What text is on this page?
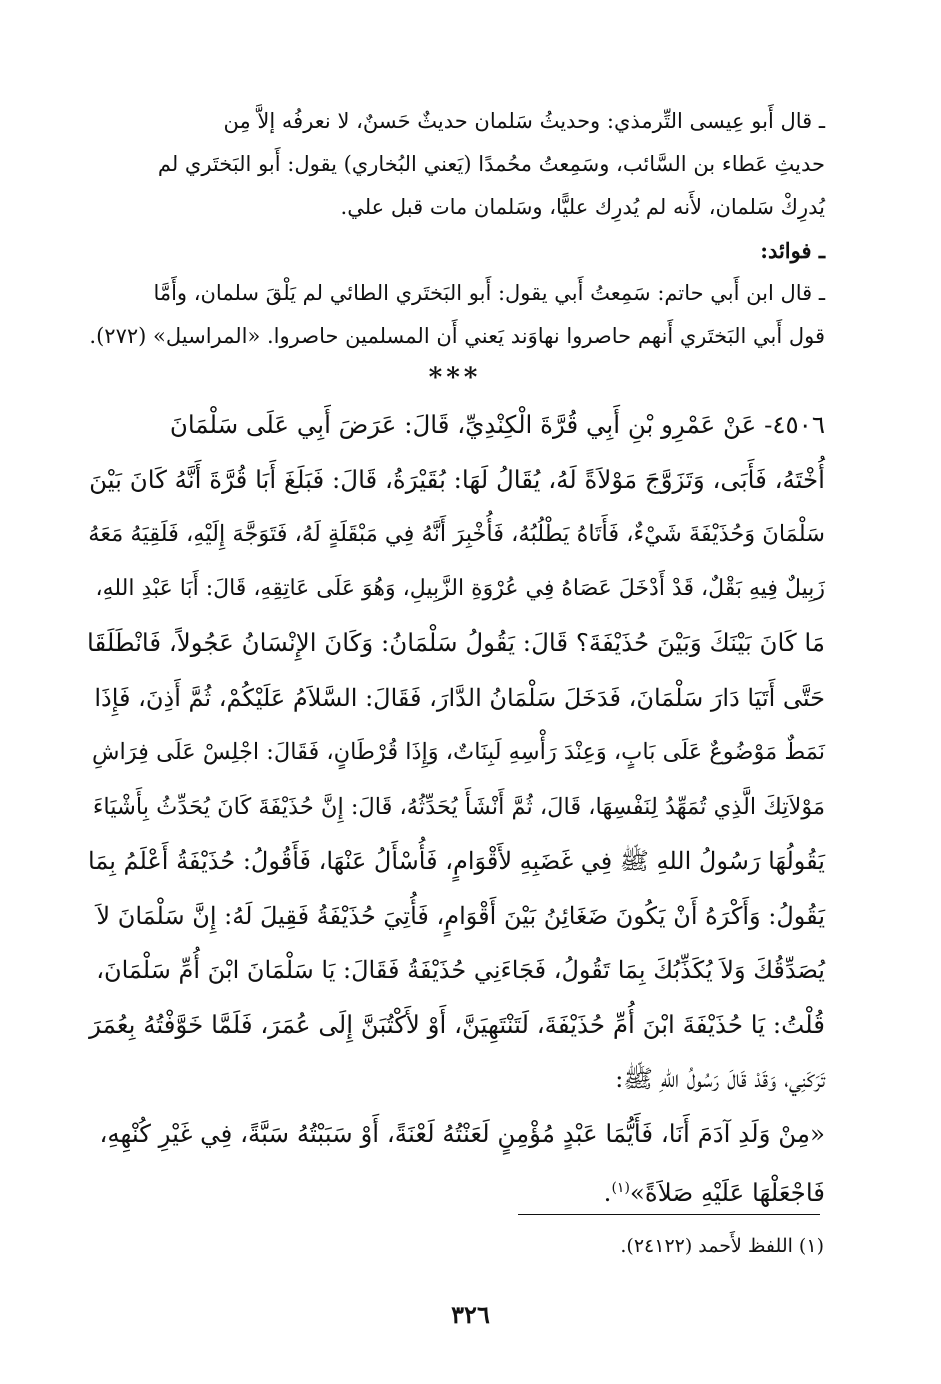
ـ قال أَبو عِيسى التِّرمذي: وحديثُ سَلمان حديثٌ حَسنٌ، لا نعرفُه إلاَّ مِن
حديثِ عَطاء بن السَّائب، وسَمِعتُ محُمدًا (يَعني البُخاري) يقول: أَبو البَختَري لم
يُدرِكْ سَلمان، لأَنه لم يُدرِك عليًّا، وسَلمان مات قبل علي.
ـ فوائد:
ـ قال ابن أَبي حاتم: سَمِعتُ أَبي يقول: أَبو البَختَري الطائي لم يَلْقَ سلمان، وأَمَّا
قول أَبي البَختَري أَنهم حاصروا نهاوَند يَعني أَن المسلمين حاصروا. «المراسيل» (٢٧٢).
***
٤٥٠٦- عَنْ عَمْرِو بْنِ أَبِي قُرَّةَ الْكِنْدِيِّ، قَالَ: عَرَضَ أَبِي عَلَى سَلْمَانَ
أُخْتَهُ، فَأَبَى، وَتَزَوَّجَ مَوْلاَةً لَهُ، يُقَالُ لَهَا: بُقَيْرَةُ، قَالَ: فَبَلَغَ أَبَا قُرَّةَ أَنَّهُ كَانَ بَيْنَ
سَلْمَانَ وَحُذَيْفَةَ شَيْءٌ، فَأَتَاهُ يَطْلُبُهُ، فَأُخْبِرَ أَنَّهُ فِي مَبْقَلَةٍ لَهُ، فَتَوَجَّهَ إِلَيْهِ، فَلَقِيَهُ مَعَهُ
زَبِيلٌ فِيهِ بَقْلٌ، قَدْ أَدْخَلَ عَصَاهُ فِي عُرْوَةِ الزَّبِيلِ، وَهُوَ عَلَى عَاتِقِهِ، قَالَ: أَبَا عَبْدِ اللهِ،
مَا كَانَ بَيْنَكَ وَبَيْنَ حُذَيْفَةَ؟ قَالَ: يَقُولُ سَلْمَانُ: وَكَانَ الإِنْسَانُ عَجُولاً، فَانْطَلَقَا
حَتَّى أَتَيَا دَارَ سَلْمَانَ، فَدَخَلَ سَلْمَانُ الدَّارَ، فَقَالَ: السَّلاَمُ عَلَيْكُمْ، ثُمَّ أَذِنَ، فَإِذَا
نَمَطٌ مَوْضُوعٌ عَلَى بَابٍ، وَعِنْدَ رَأْسِهِ لَبِنَاتٌ، وَإِذَا قُرْطَانٍ، فَقَالَ: اجْلِسْ عَلَى فِرَاشِ
مَوْلاَتِكَ الَّذِي تُمَهِّدُ لِنَفْسِهَا، قَالَ، ثُمَّ أَنْشَأَ يُحَدِّثُهُ، قَالَ: إِنَّ حُذَيْفَةَ كَانَ يُحَدِّثُ بِأَشْيَاءَ
يَقُولُهَا رَسُولُ اللهِ ﷺ فِي غَضَبِهِ لأَقْوَامٍ، فَأُسْأَلُ عَنْهَا، فَأَقُولُ: حُذَيْفَةُ أَعْلَمُ بِمَا
يَقُولُ: وَأَكْرَهُ أَنْ يَكُونَ ضَغَائِنُ بَيْنَ أَقْوَامٍ، فَأُتِيَ حُذَيْفَةُ فَقِيلَ لَهُ: إِنَّ سَلْمَانَ لاَ
يُصَدِّقُكَ وَلاَ يُكَذِّبُكَ بِمَا تَقُولُ، فَجَاءَنِي حُذَيْفَةُ فَقَالَ: يَا سَلْمَانَ ابْنَ أُمِّ سَلْمَانَ،
قُلْتُ: يَا حُذَيْفَةَ ابْنَ أُمِّ حُذَيْفَةَ، لَتَنْتَهِيَنَّ، أَوْ لأَكْتُبَنَّ إِلَى عُمَرَ، فَلَمَّا خَوَّفْتُهُ بِعُمَرَ
تَرَكَنِي، وَقَدْ قَالَ رَسُولُ اللهِ ﷺ:
«مِنْ وَلَدِ آدَمَ أَنَا، فَأَيُّمَا عَبْدٍ مُؤْمِنٍ لَعَنْتُهُ لَعْنَةً، أَوْ سَبَبْتُهُ سَبَّةً، فِي غَيْرِ كُنْهِهِ،
فَاجْعَلْهَا عَلَيْهِ صَلاَةً»$^{(١)}$.
(١) اللفظ لأَحمد (٢٤١٢٢).
٣٢٦
